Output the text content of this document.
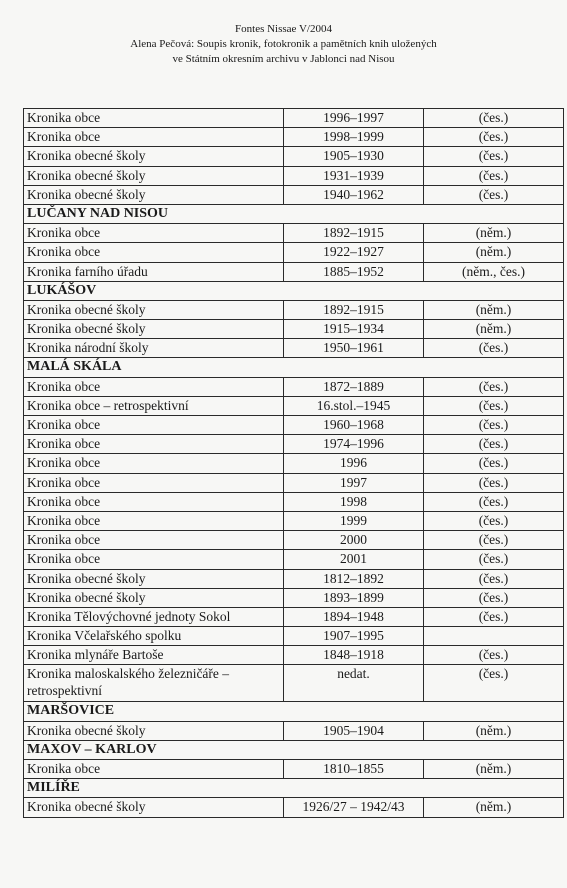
Fontes Nissae V/2004
Alena Pečová: Soupis kronik, fotokronik a pamětních knih uložených
ve Státním okresním archivu v Jablonci nad Nisou
Kronika obce	1996–1997	(čes.)
Kronika obce	1998–1999	(čes.)
Kronika obecné školy	1905–1930	(čes.)
Kronika obecné školy	1931–1939	(čes.)
Kronika obecné školy	1940–1962	(čes.)
LUČANY NAD NISOU		
Kronika obce	1892–1915	(něm.)
Kronika obce	1922–1927	(něm.)
Kronika farního úřadu	1885–1952	(něm., čes.)
LUKÁŠOV		
Kronika obecné školy	1892–1915	(něm.)
Kronika obecné školy	1915–1934	(něm.)
Kronika národní školy	1950–1961	(čes.)
MALÁ SKÁLA		
Kronika obce	1872–1889	(čes.)
Kronika obce – retrospektivní	16.stol.–1945	(čes.)
Kronika obce	1960–1968	(čes.)
Kronika obce	1974–1996	(čes.)
Kronika obce	1996	(čes.)
Kronika obce	1997	(čes.)
Kronika obce	1998	(čes.)
Kronika obce	1999	(čes.)
Kronika obce	2000	(čes.)
Kronika obce	2001	(čes.)
Kronika obecné školy	1812–1892	(čes.)
Kronika obecné školy	1893–1899	(čes.)
Kronika Tělovýchovné jednoty Sokol	1894–1948	(čes.)
Kronika Včelařského spolku	1907–1995	
Kronika mlynáře Bartoše	1848–1918	(čes.)
Kronika maloskalského železničáře – retrospektivní	nedat.	(čes.)
MARŠOVICE		
Kronika obecné školy	1905–1904	(něm.)
MAXOV – KARLOV		
Kronika obce	1810–1855	(něm.)
MILÍŘE		
Kronika obecné školy	1926/27 – 1942/43	(něm.)
